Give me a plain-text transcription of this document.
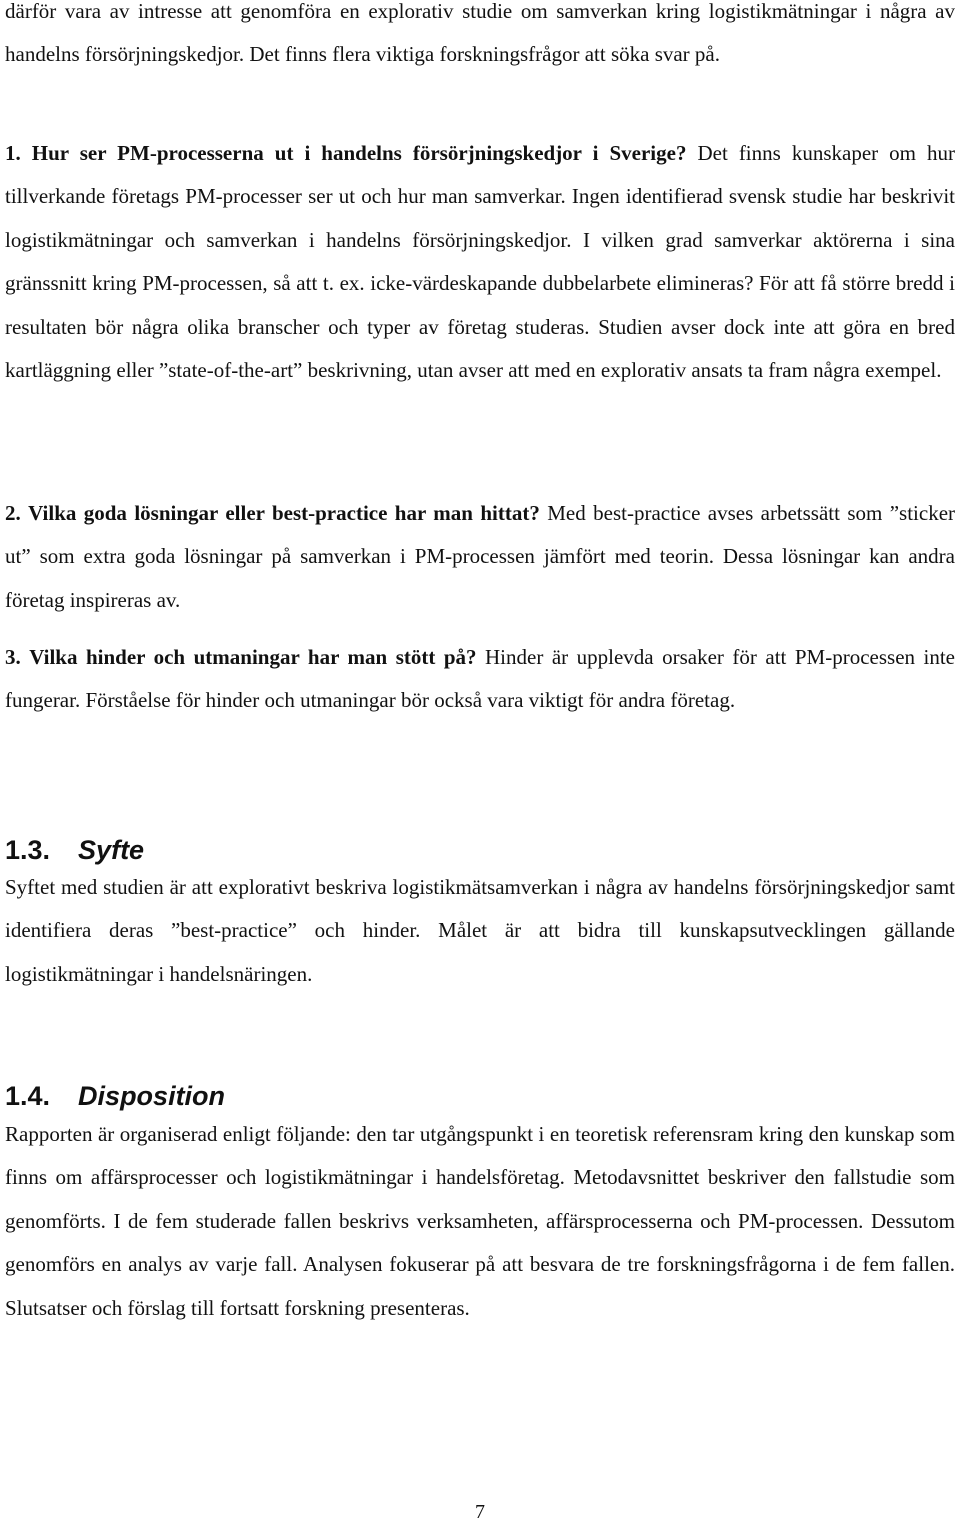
därför vara av intresse att genomföra en explorativ studie om samverkan kring logistikmätningar i några av handelns försörjningskedjor. Det finns flera viktiga forskningsfrågor att söka svar på.

1. Hur ser PM-processerna ut i handelns försörjningskedjor i Sverige? Det finns kunskaper om hur tillverkande företags PM-processer ser ut och hur man samverkar. Ingen identifierad svensk studie har beskrivit logistikmätningar och samverkan i handelns försörjningskedjor. I vilken grad samverkar aktörerna i sina gränssnitt kring PM-processen, så att t. ex. icke-värdeskapande dubbelarbete elimineras? För att få större bredd i resultaten bör några olika branscher och typer av företag studeras. Studien avser dock inte att göra en bred kartläggning eller ”state-of-the-art” beskrivning, utan avser att med en explorativ ansats ta fram några exempel.

2. Vilka goda lösningar eller best-practice har man hittat? Med best-practice avses arbetssätt som ”sticker ut” som extra goda lösningar på samverkan i PM-processen jämfört med teorin. Dessa lösningar kan andra företag inspireras av.

3. Vilka hinder och utmaningar har man stött på? Hinder är upplevda orsaker för att PM-processen inte fungerar. Förståelse för hinder och utmaningar bör också vara viktigt för andra företag.

1.3. Syfte

Syftet med studien är att explorativt beskriva logistikmätsamverkan i några av handelns försörjningskedjor samt identifiera deras ”best-practice” och hinder. Målet är att bidra till kunskapsutvecklingen gällande logistikmätningar i handelsnäringen.

1.4. Disposition

Rapporten är organiserad enligt följande: den tar utgångspunkt i en teoretisk referensram kring den kunskap som finns om affärsprocesser och logistikmätningar i handelsföretag. Metodavsnittet beskriver den fallstudie som genomförts. I de fem studerade fallen beskrivs verksamheten, affärsprocesserna och PM-processen. Dessutom genomförs en analys av varje fall. Analysen fokuserar på att besvara de tre forskningsfrågorna i de fem fallen. Slutsatser och förslag till fortsatt forskning presenteras.

7
